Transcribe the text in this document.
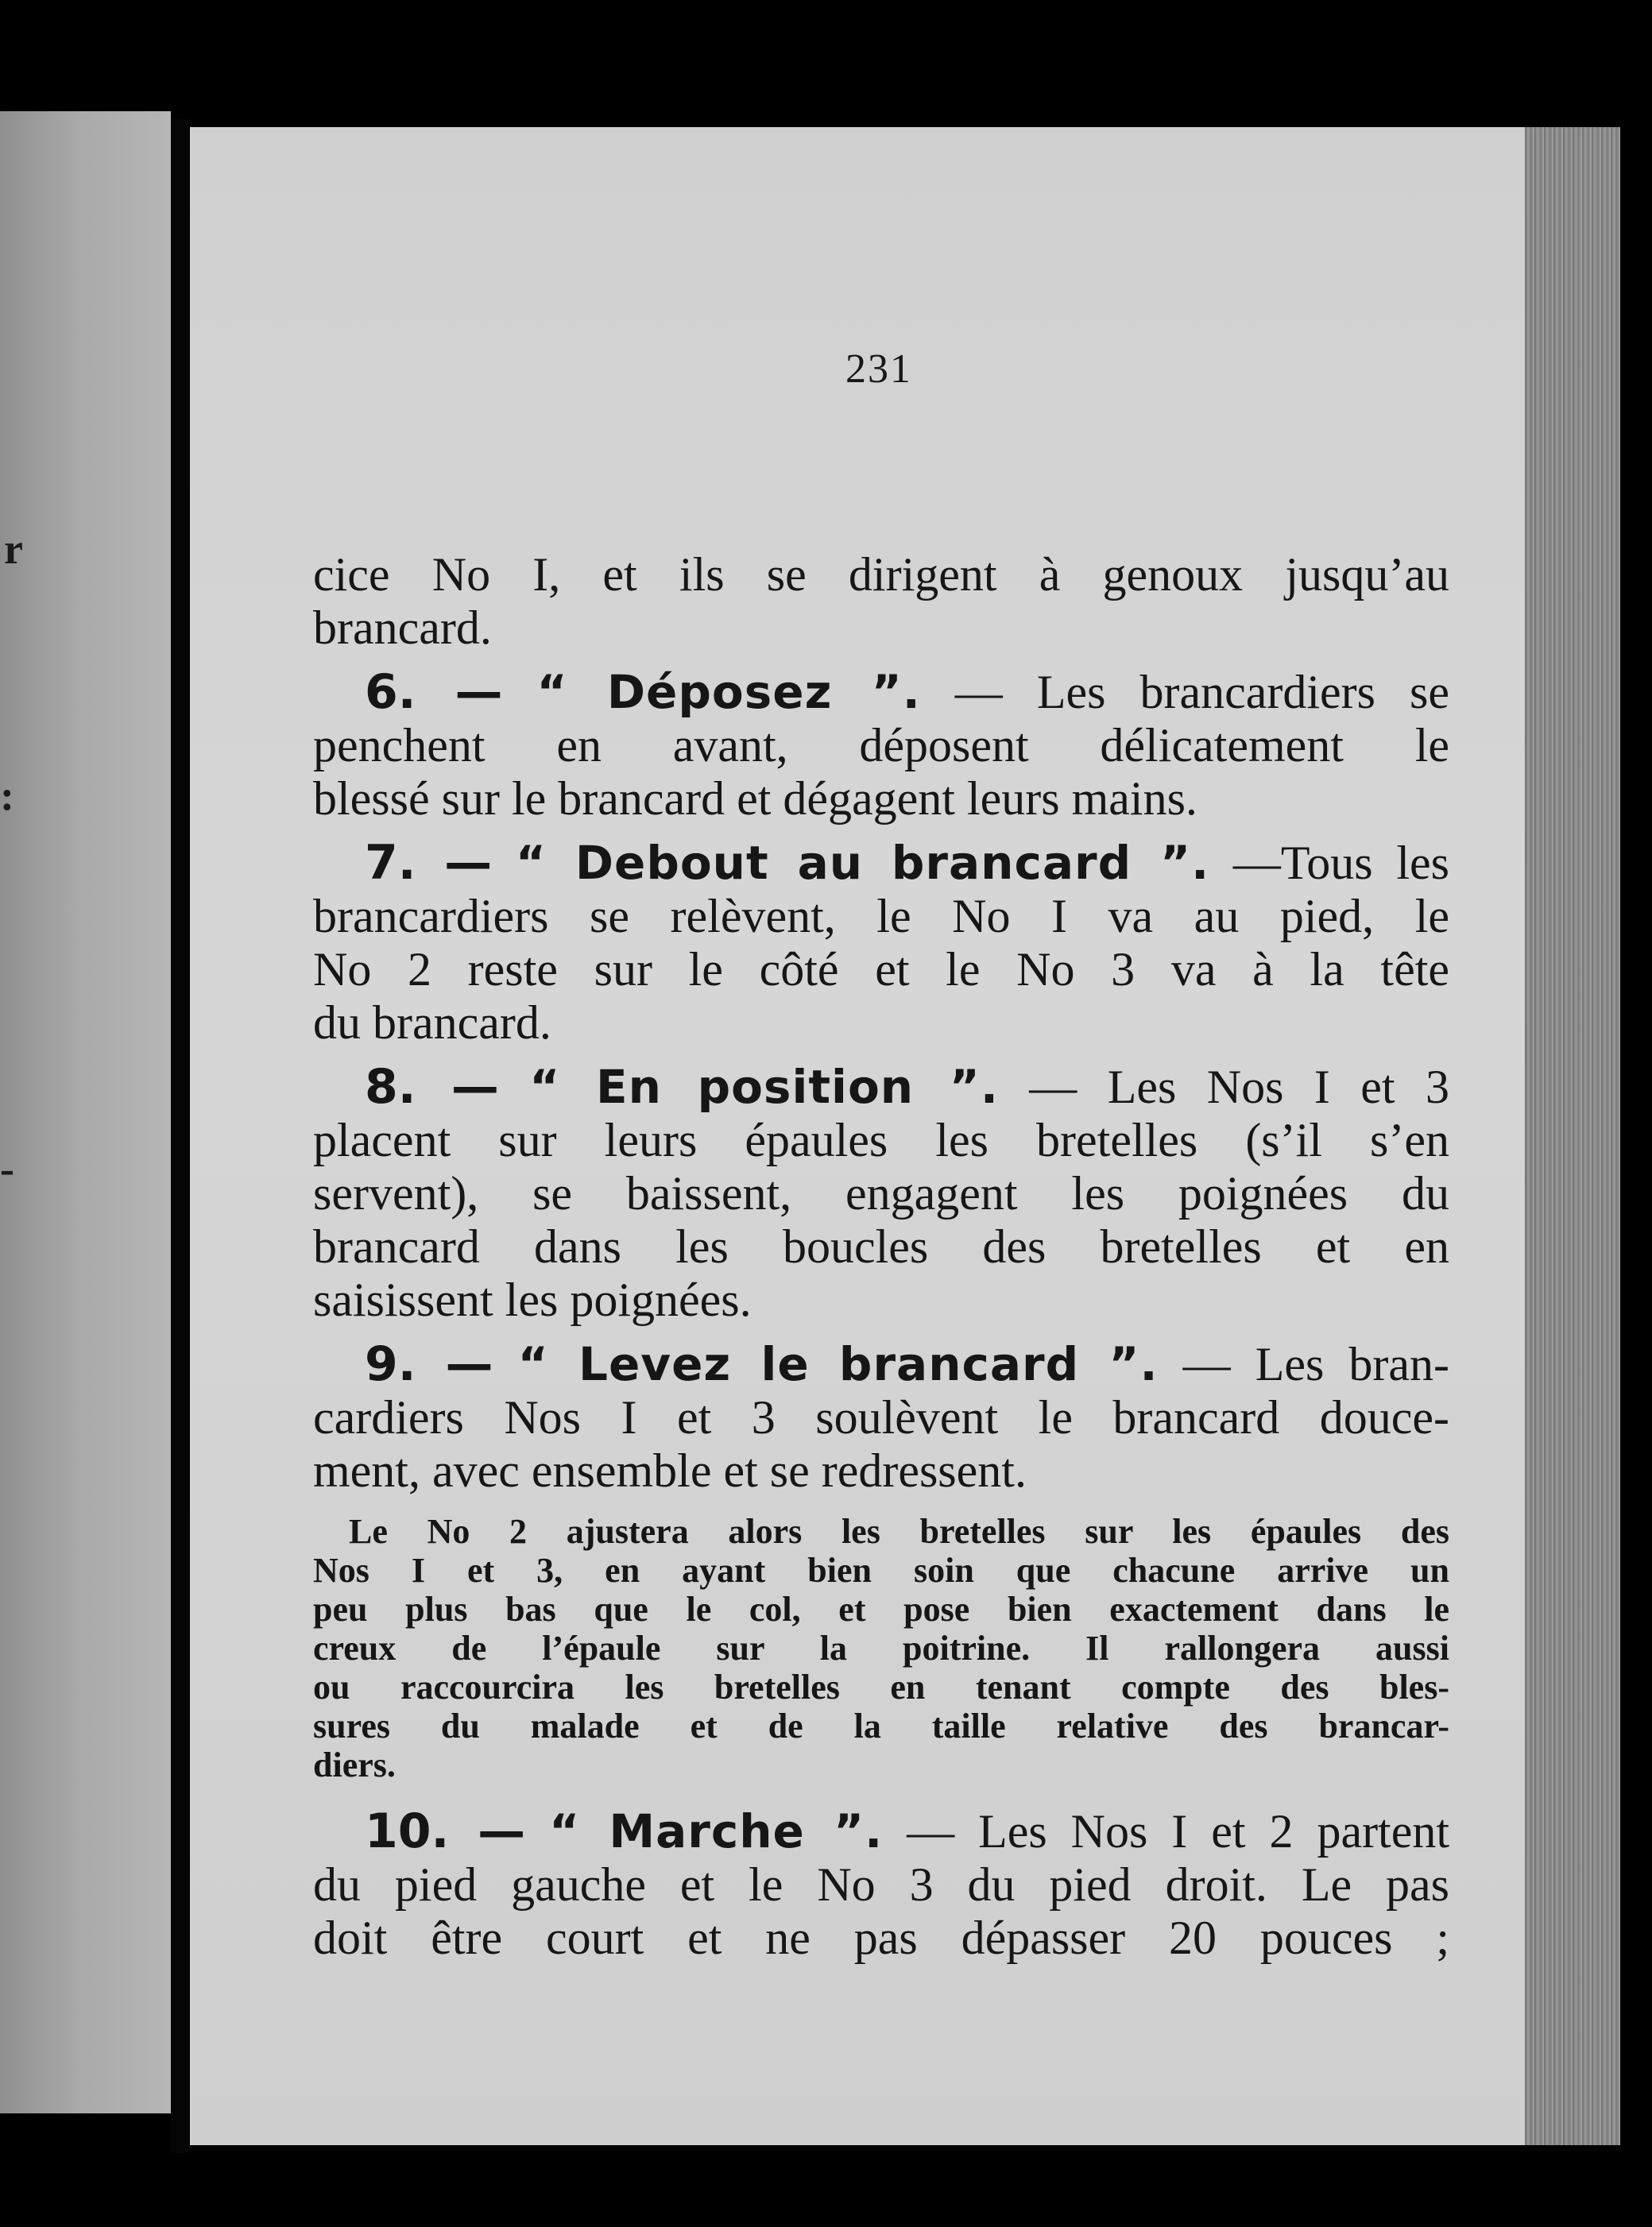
r
:
-
231

cice No I, et ils se dirigent à genoux jusqu’au

brancard.

6. — “ Déposez ”. — Les brancardiers se

penchent en avant, déposent délicatement le

blessé sur le brancard et dégagent leurs mains.

7. — “ Debout au brancard ”. —Tous les

brancardiers se relèvent, le No I va au pied, le

No 2 reste sur le côté et le No 3 va à la tête

du brancard.

8. — “ En position ”. — Les Nos I et 3

placent sur leurs épaules les bretelles (s’il s’en

servent), se baissent, engagent les poignées du

brancard dans les boucles des bretelles et en

saisissent les poignées.

9. — “ Levez le brancard ”. — Les bran-

cardiers Nos I et 3 soulèvent le brancard douce-

ment, avec ensemble et se redressent.

Le No 2 ajustera alors les bretelles sur les épaules des

Nos I et 3, en ayant bien soin que chacune arrive un

peu plus bas que le col, et pose bien exactement dans le

creux de l’épaule sur la poitrine. Il rallongera aussi

ou raccourcira les bretelles en tenant compte des bles-

sures du malade et de la taille relative des brancar-

diers.

10. — “ Marche ”. — Les Nos I et 2 partent

du pied gauche et le No 3 du pied droit. Le pas

doit être court et ne pas dépasser 20 pouces ;
